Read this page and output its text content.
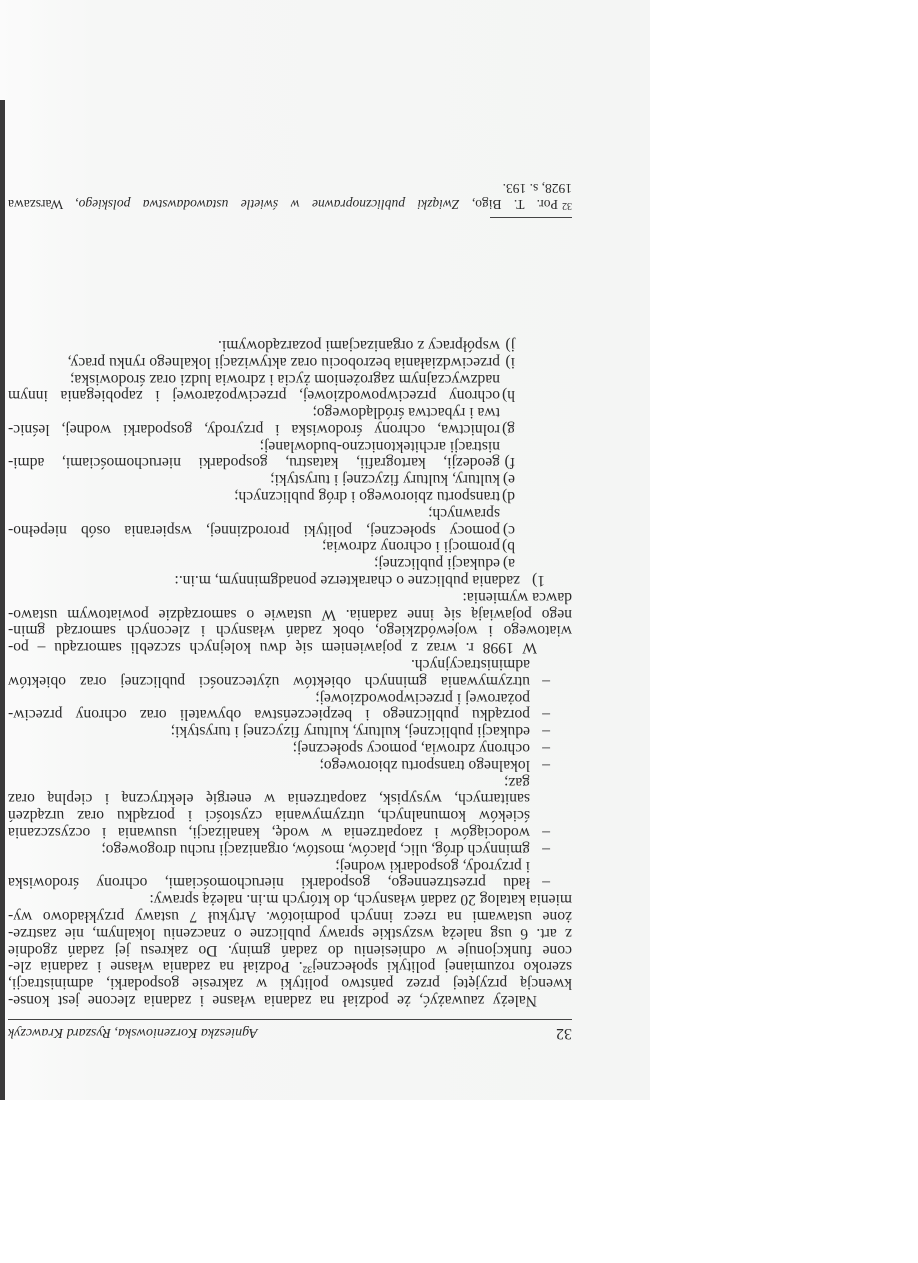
32
Agnieszka Korzeniowska, Ryszard Krawczyk
Należy zauważyć, że podział na zadania własne i zadania zlecone jest konse-
kwencją przyjętej przez państwo polityki w zakresie gospodarki, administracji,
szeroko rozumianej polityki społecznej³². Podział na zadania własne i zadania zle-
cone funkcjonuje w odniesieniu do zadań gminy. Do zakresu jej zadań zgodnie
z art. 6 usg należą wszystkie sprawy publiczne o znaczeniu lokalnym, nie zastrze-
żone ustawami na rzecz innych podmiotów. Artykuł 7 ustawy przykładowo wy-
mienia katalog 20 zadań własnych, do których m.in. należą sprawy:
ładu przestrzennego, gospodarki nieruchomościami, ochrony środowiska –
i przyrody, gospodarki wodnej;
gminnych dróg, ulic, placów, mostów, organizacji ruchu drogowego; –
wodociągów i zaopatrzenia w wodę, kanalizacji, usuwania i oczyszczania –
ścieków komunalnych, utrzymywania czystości i porządku oraz urządzeń
sanitarnych, wysypisk, zaopatrzenia w energię elektryczną i cieplną oraz
gaz;
lokalnego transportu zbiorowego; –
ochrony zdrowia, pomocy społecznej; –
edukacji publicznej, kultury, kultury fizycznej i turystyki; –
porządku publicznego i bezpieczeństwa obywateli oraz ochrony przeciw- –
pożarowej i przeciwpowodziowej;
utrzymywania gminnych obiektów użyteczności publicznej oraz obiektów –
administracyjnych.
W 1998 r. wraz z pojawieniem się dwu kolejnych szczebli samorządu – po-
wiatowego i wojewódzkiego, obok zadań własnych i zleconych samorząd gmin-
nego pojawiają się inne zadania. W ustawie o samorządzie powiatowym ustawo-
dawca wymienia:
zadania publiczne o charakterze ponadgminnym, m.in.: 1)
edukacji publicznej; a)
promocji i ochrony zdrowia; b)
pomocy społecznej, polityki prorodzinnej, wspierania osób niepełno- c)
sprawnych;
transportu zbiorowego i dróg publicznych; d)
kultury, kultury fizycznej i turystyki; e)
geodezji, kartografii, katastru, gospodarki nieruchomościami, admi- f)
nistracji architektoniczno-budowlanej;
rolnictwa, ochrony środowiska i przyrody, gospodarki wodnej, leśnic- g)
twa i rybactwa śródlądowego;
ochrony przeciwpowodziowej, przeciwpożarowej i zapobiegania innym h)
nadzwyczajnym zagrożeniom życia i zdrowia ludzi oraz środowiska;
przeciwdziałania bezrobociu oraz aktywizacji lokalnego rynku pracy, i)
współpracy z organizacjami pozarządowymi. j)
32
Por. T. Bigo, Związki publicznoprawne w świetle ustawodawstwa polskiego, Warszawa
1928, s. 193.
